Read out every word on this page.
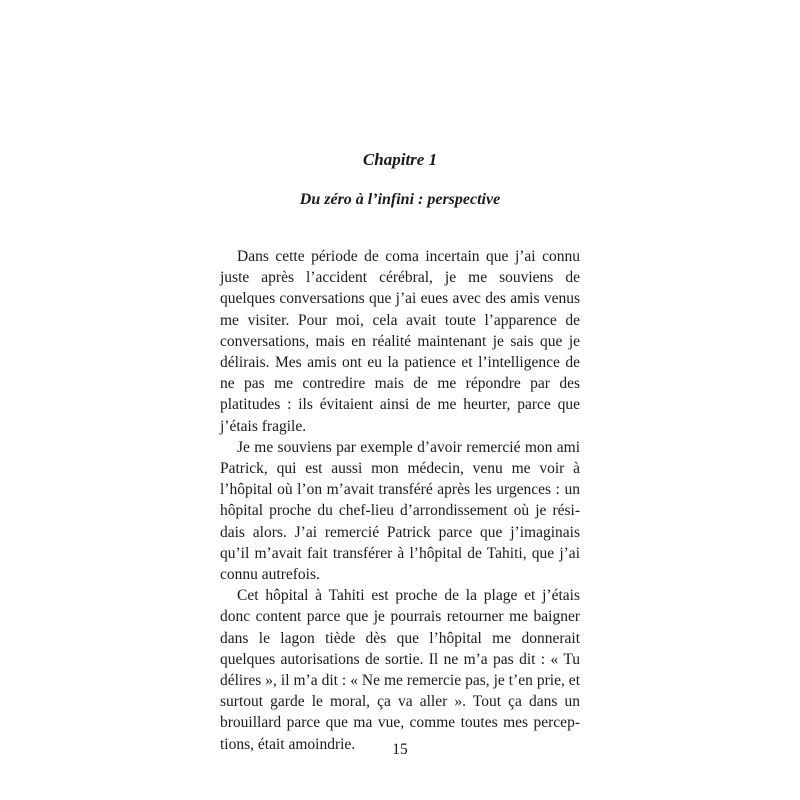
Chapitre 1
Du zéro à l’infini : perspective

Dans cette période de coma incertain que j’ai connu juste après l’accident cérébral, je me souviens de quelques conversations que j’ai eues avec des amis venus me visiter. Pour moi, cela avait toute l’apparence de conversations, mais en réalité maintenant je sais que je délirais. Mes amis ont eu la patience et l’intelligence de ne pas me contredire mais de me répondre par des platitudes : ils évitaient ainsi de me heurter, parce que j’étais fragile.

Je me souviens par exemple d’avoir remercié mon ami Patrick, qui est aussi mon médecin, venu me voir à l’hôpital où l’on m’avait transféré après les urgences : un hôpital proche du chef-lieu d’arrondissement où je résidais alors. J’ai remercié Patrick parce que j’imaginais qu’il m’avait fait transférer à l’hôpital de Tahiti, que j’ai connu autrefois.

Cet hôpital à Tahiti est proche de la plage et j’étais donc content parce que je pourrais retourner me baigner dans le lagon tiède dès que l’hôpital me donnerait quelques autorisations de sortie. Il ne m’a pas dit : « Tu délires », il m’a dit : « Ne me remercie pas, je t’en prie, et surtout garde le moral, ça va aller ». Tout ça dans un brouillard parce que ma vue, comme toutes mes perceptions, était amoindrie.	15
